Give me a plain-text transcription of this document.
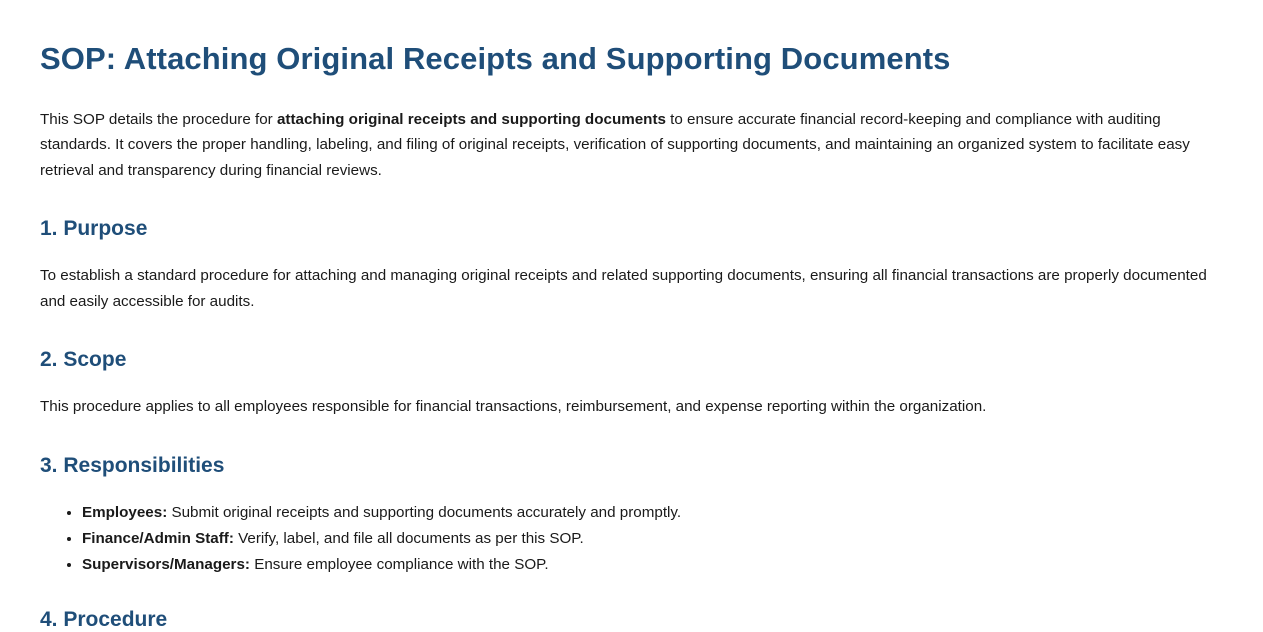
SOP: Attaching Original Receipts and Supporting Documents

This SOP details the procedure for attaching original receipts and supporting documents to ensure accurate financial record-keeping and compliance with auditing standards. It covers the proper handling, labeling, and filing of original receipts, verification of supporting documents, and maintaining an organized system to facilitate easy retrieval and transparency during financial reviews.

1. Purpose

To establish a standard procedure for attaching and managing original receipts and related supporting documents, ensuring all financial transactions are properly documented and easily accessible for audits.

2. Scope

This procedure applies to all employees responsible for financial transactions, reimbursement, and expense reporting within the organization.

3. Responsibilities
• Employees: Submit original receipts and supporting documents accurately and promptly.
• Finance/Admin Staff: Verify, label, and file all documents as per this SOP.
• Supervisors/Managers: Ensure employee compliance with the SOP.
4. Procedure
